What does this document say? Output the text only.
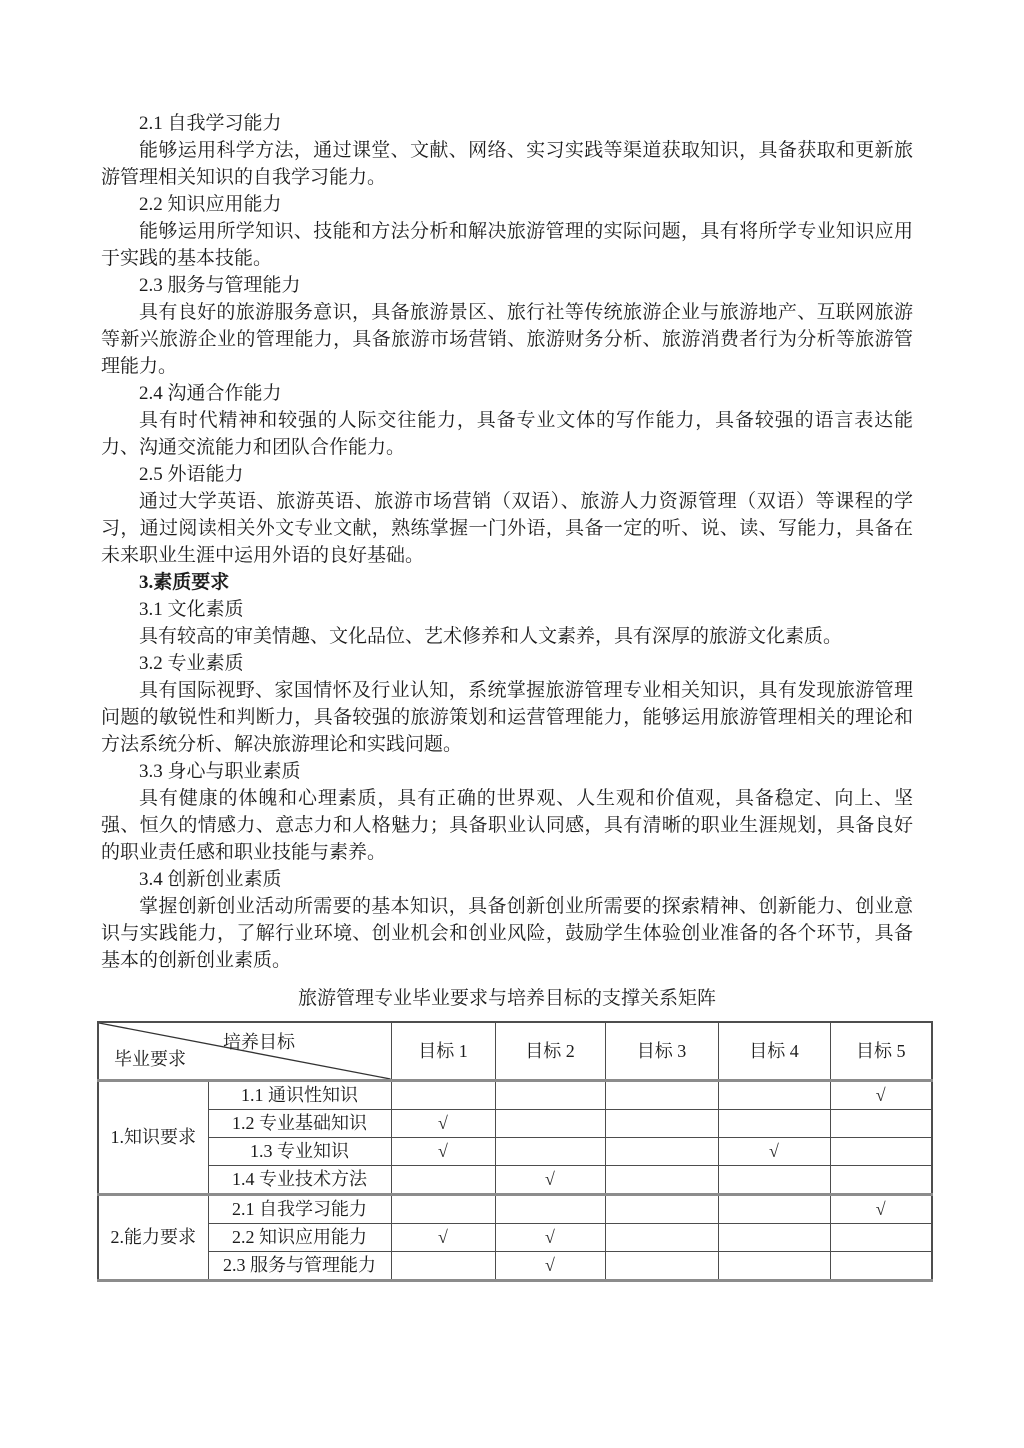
2.1 自我学习能力

能够运用科学方法，通过课堂、文献、网络、实习实践等渠道获取知识，具备获取和更新旅游管理相关知识的自我学习能力。

2.2 知识应用能力

能够运用所学知识、技能和方法分析和解决旅游管理的实际问题，具有将所学专业知识应用于实践的基本技能。

2.3 服务与管理能力

具有良好的旅游服务意识，具备旅游景区、旅行社等传统旅游企业与旅游地产、互联网旅游等新兴旅游企业的管理能力，具备旅游市场营销、旅游财务分析、旅游消费者行为分析等旅游管理能力。

2.4 沟通合作能力

具有时代精神和较强的人际交往能力，具备专业文体的写作能力，具备较强的语言表达能力、沟通交流能力和团队合作能力。

2.5 外语能力

通过大学英语、旅游英语、旅游市场营销（双语）、旅游人力资源管理（双语）等课程的学习，通过阅读相关外文专业文献，熟练掌握一门外语，具备一定的听、说、读、写能力，具备在未来职业生涯中运用外语的良好基础。

3.素质要求

3.1 文化素质

具有较高的审美情趣、文化品位、艺术修养和人文素养，具有深厚的旅游文化素质。

3.2 专业素质

具有国际视野、家国情怀及行业认知，系统掌握旅游管理专业相关知识，具有发现旅游管理问题的敏锐性和判断力，具备较强的旅游策划和运营管理能力，能够运用旅游管理相关的理论和方法系统分析、解决旅游理论和实践问题。

3.3 身心与职业素质

具有健康的体魄和心理素质，具有正确的世界观、人生观和价值观，具备稳定、向上、坚强、恒久的情感力、意志力和人格魅力；具备职业认同感，具有清晰的职业生涯规划，具备良好的职业责任感和职业技能与素养。

3.4 创新创业素质

掌握创新创业活动所需要的基本知识，具备创新创业所需要的探索精神、创新能力、创业意识与实践能力，了解行业环境、创业机会和创业风险，鼓励学生体验创业准备的各个环节，具备基本的创新创业素质。

旅游管理专业毕业要求与培养目标的支撑关系矩阵

培养目标
毕业要求		目标 1	目标 2	目标 3	目标 4	目标 5
1.知识要求	1.1 通识性知识					√
	1.2 专业基础知识	√				
	1.3 专业知识	√			√	
	1.4 专业技术方法		√			
2.能力要求	2.1 自我学习能力					√
	2.2 知识应用能力	√	√			
	2.3 服务与管理能力		√			
